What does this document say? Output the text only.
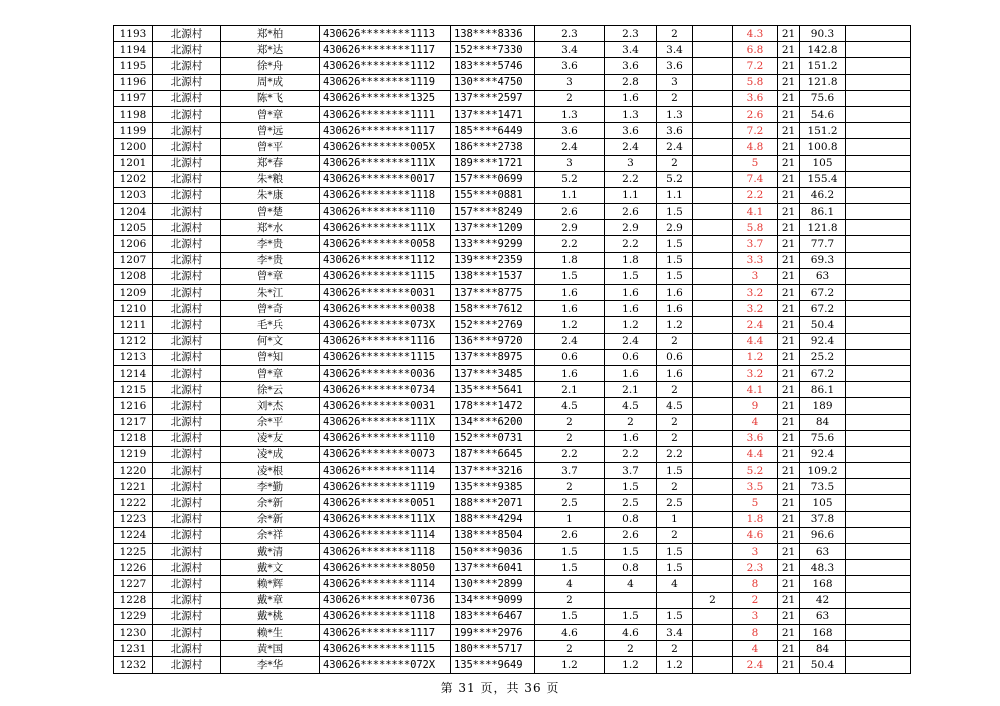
1193	北源村	郑*柏	430626********1113	138****8336	2.3	2.3	2		4.3	21	90.3	
1194	北源村	郑*达	430626********1117	152****7330	3.4	3.4	3.4		6.8	21	142.8	
1195	北源村	徐*舟	430626********1112	183****5746	3.6	3.6	3.6		7.2	21	151.2	
1196	北源村	周*成	430626********1119	130****4750	3	2.8	3		5.8	21	121.8	
1197	北源村	陈*飞	430626********1325	137****2597	2	1.6	2		3.6	21	75.6	
1198	北源村	曾*章	430626********1111	137****1471	1.3	1.3	1.3		2.6	21	54.6	
1199	北源村	曾*远	430626********1117	185****6449	3.6	3.6	3.6		7.2	21	151.2	
1200	北源村	曾*平	430626********005X	186****2738	2.4	2.4	2.4		4.8	21	100.8	
1201	北源村	郑*春	430626********111X	189****1721	3	3	2		5	21	105	
1202	北源村	朱*粮	430626********0017	157****0699	5.2	2.2	5.2		7.4	21	155.4	
1203	北源村	朱*康	430626********1118	155****0881	1.1	1.1	1.1		2.2	21	46.2	
1204	北源村	曾*楚	430626********1110	157****8249	2.6	2.6	1.5		4.1	21	86.1	
1205	北源村	郑*水	430626********111X	137****1209	2.9	2.9	2.9		5.8	21	121.8	
1206	北源村	李*贵	430626********0058	133****9299	2.2	2.2	1.5		3.7	21	77.7	
1207	北源村	李*贵	430626********1112	139****2359	1.8	1.8	1.5		3.3	21	69.3	
1208	北源村	曾*章	430626********1115	138****1537	1.5	1.5	1.5		3	21	63	
1209	北源村	朱*江	430626********0031	137****8775	1.6	1.6	1.6		3.2	21	67.2	
1210	北源村	曾*奇	430626********0038	158****7612	1.6	1.6	1.6		3.2	21	67.2	
1211	北源村	毛*兵	430626********073X	152****2769	1.2	1.2	1.2		2.4	21	50.4	
1212	北源村	何*文	430626********1116	136****9720	2.4	2.4	2		4.4	21	92.4	
1213	北源村	曾*知	430626********1115	137****8975	0.6	0.6	0.6		1.2	21	25.2	
1214	北源村	曾*章	430626********0036	137****3485	1.6	1.6	1.6		3.2	21	67.2	
1215	北源村	徐*云	430626********0734	135****5641	2.1	2.1	2		4.1	21	86.1	
1216	北源村	刘*杰	430626********0031	178****1472	4.5	4.5	4.5		9	21	189	
1217	北源村	余*平	430626********111X	134****6200	2	2	2		4	21	84	
1218	北源村	凌*友	430626********1110	152****0731	2	1.6	2		3.6	21	75.6	
1219	北源村	凌*成	430626********0073	187****6645	2.2	2.2	2.2		4.4	21	92.4	
1220	北源村	凌*根	430626********1114	137****3216	3.7	3.7	1.5		5.2	21	109.2	
1221	北源村	李*勤	430626********1119	135****9385	2	1.5	2		3.5	21	73.5	
1222	北源村	余*新	430626********0051	188****2071	2.5	2.5	2.5		5	21	105	
1223	北源村	余*新	430626********111X	188****4294	1	0.8	1		1.8	21	37.8	
1224	北源村	余*祥	430626********1114	138****8504	2.6	2.6	2		4.6	21	96.6	
1225	北源村	戴*清	430626********1118	150****9036	1.5	1.5	1.5		3	21	63	
1226	北源村	戴*文	430626********8050	137****6041	1.5	0.8	1.5		2.3	21	48.3	
1227	北源村	赖*辉	430626********1114	130****2899	4	4	4		8	21	168	
1228	北源村	戴*章	430626********0736	134****9099	2			2	2	21	42	
1229	北源村	戴*桃	430626********1118	183****6467	1.5	1.5	1.5		3	21	63	
1230	北源村	赖*生	430626********1117	199****2976	4.6	4.6	3.4		8	21	168	
1231	北源村	黄*国	430626********1115	180****5717	2	2	2		4	21	84	
1232	北源村	李*华	430626********072X	135****9649	1.2	1.2	1.2		2.4	21	50.4	
第 31 页，共 36 页
